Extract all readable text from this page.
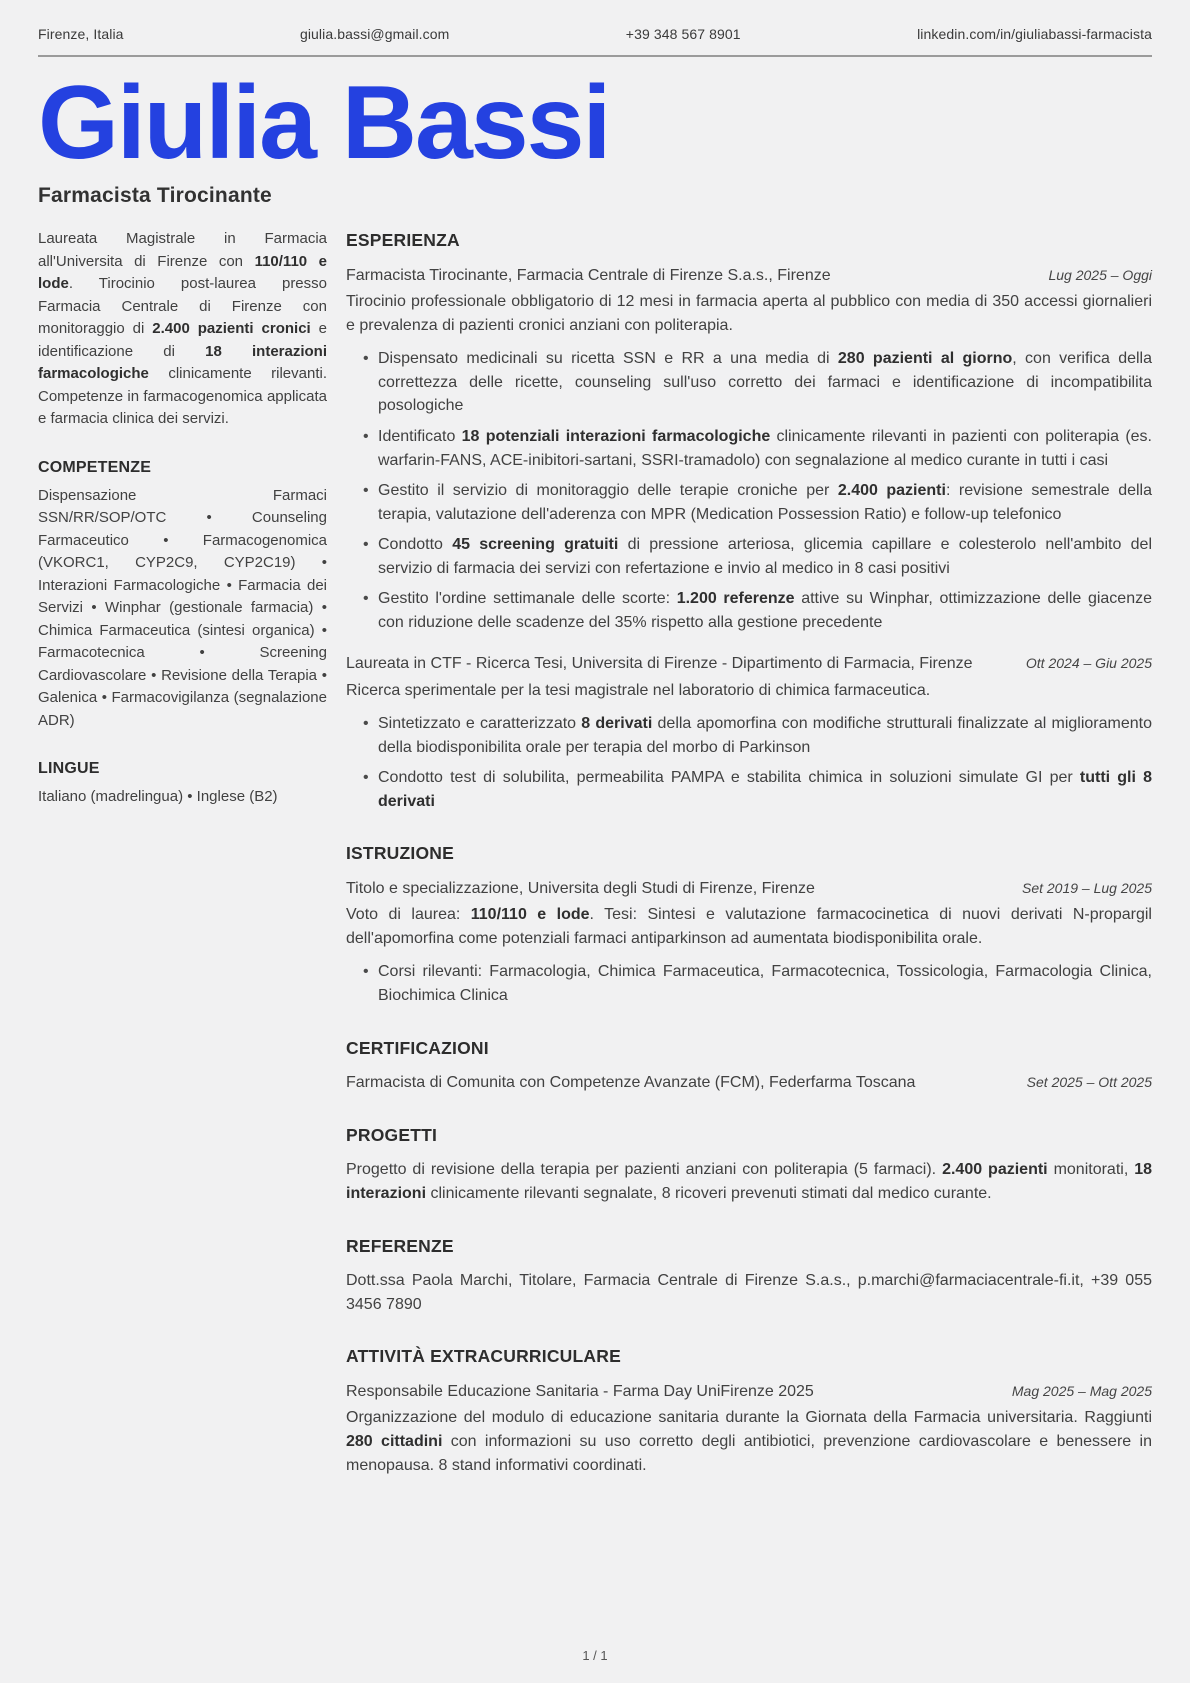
Firenze, Italia	giulia.bassi@gmail.com	+39 348 567 8901	linkedin.com/in/giuliabassi-farmacista
Giulia Bassi
Farmacista Tirocinante

Laureata Magistrale in Farmacia all'Universita di Firenze con 110/110 e lode. Tirocinio post-laurea presso Farmacia Centrale di Firenze con monitoraggio di 2.400 pazienti cronici e identificazione di 18 interazioni farmacologiche clinicamente rilevanti. Competenze in farmacogenomica applicata e farmacia clinica dei servizi.

COMPETENZE

Dispensazione Farmaci SSN/RR/SOP/OTC • Counseling Farmaceutico • Farmacogenomica (VKORC1, CYP2C9, CYP2C19) • Interazioni Farmacologiche • Farmacia dei Servizi • Winphar (gestionale farmacia) • Chimica Farmaceutica (sintesi organica) • Farmacotecnica • Screening Cardiovascolare • Revisione della Terapia • Galenica • Farmacovigilanza (segnalazione ADR)

LINGUE

Italiano (madrelingua) • Inglese (B2)

ESPERIENZA
Farmacista Tirocinante, Farmacia Centrale di Firenze S.a.s., Firenze	Lug 2025 – Oggi

Tirocinio professionale obbligatorio di 12 mesi in farmacia aperta al pubblico con media di 350 accessi giornalieri e prevalenza di pazienti cronici anziani con politerapia.

• Dispensato medicinali su ricetta SSN e RR a una media di 280 pazienti al giorno, con verifica della correttezza delle ricette, counseling sull'uso corretto dei farmaci e identificazione di incompatibilita posologiche
• Identificato 18 potenziali interazioni farmacologiche clinicamente rilevanti in pazienti con politerapia (es. warfarin-FANS, ACE-inibitori-sartani, SSRI-tramadolo) con segnalazione al medico curante in tutti i casi
• Gestito il servizio di monitoraggio delle terapie croniche per 2.400 pazienti: revisione semestrale della terapia, valutazione dell'aderenza con MPR (Medication Possession Ratio) e follow-up telefonico
• Condotto 45 screening gratuiti di pressione arteriosa, glicemia capillare e colesterolo nell'ambito del servizio di farmacia dei servizi con refertazione e invio al medico in 8 casi positivi
• Gestito l'ordine settimanale delle scorte: 1.200 referenze attive su Winphar, ottimizzazione delle giacenze con riduzione delle scadenze del 35% rispetto alla gestione precedente
Laureata in CTF - Ricerca Tesi, Universita di Firenze - Dipartimento di Farmacia, Firenze	Ott 2024 – Giu 2025

Ricerca sperimentale per la tesi magistrale nel laboratorio di chimica farmaceutica.

• Sintetizzato e caratterizzato 8 derivati della apomorfina con modifiche strutturali finalizzate al miglioramento della biodisponibilita orale per terapia del morbo di Parkinson
• Condotto test di solubilita, permeabilita PAMPA e stabilita chimica in soluzioni simulate GI per tutti gli 8 derivati
ISTRUZIONE
Titolo e specializzazione, Universita degli Studi di Firenze, Firenze	Set 2019 – Lug 2025

Voto di laurea: 110/110 e lode. Tesi: Sintesi e valutazione farmacocinetica di nuovi derivati N-propargil dell'apomorfina come potenziali farmaci antiparkinson ad aumentata biodisponibilita orale.

• Corsi rilevanti: Farmacologia, Chimica Farmaceutica, Farmacotecnica, Tossicologia, Farmacologia Clinica, Biochimica Clinica
CERTIFICAZIONI
Farmacista di Comunita con Competenze Avanzate (FCM), Federfarma Toscana	Set 2025 – Ott 2025
PROGETTI

Progetto di revisione della terapia per pazienti anziani con politerapia (5 farmaci). 2.400 pazienti monitorati, 18 interazioni clinicamente rilevanti segnalate, 8 ricoveri prevenuti stimati dal medico curante.

REFERENZE

Dott.ssa Paola Marchi, Titolare, Farmacia Centrale di Firenze S.a.s., p.marchi@farmaciacentrale-fi.it, +39 055 3456 7890

ATTIVITÀ EXTRACURRICULARE
Responsabile Educazione Sanitaria - Farma Day UniFirenze 2025	Mag 2025 – Mag 2025

Organizzazione del modulo di educazione sanitaria durante la Giornata della Farmacia universitaria. Raggiunti 280 cittadini con informazioni su uso corretto degli antibiotici, prevenzione cardiovascolare e benessere in menopausa. 8 stand informativi coordinati.

1 / 1
